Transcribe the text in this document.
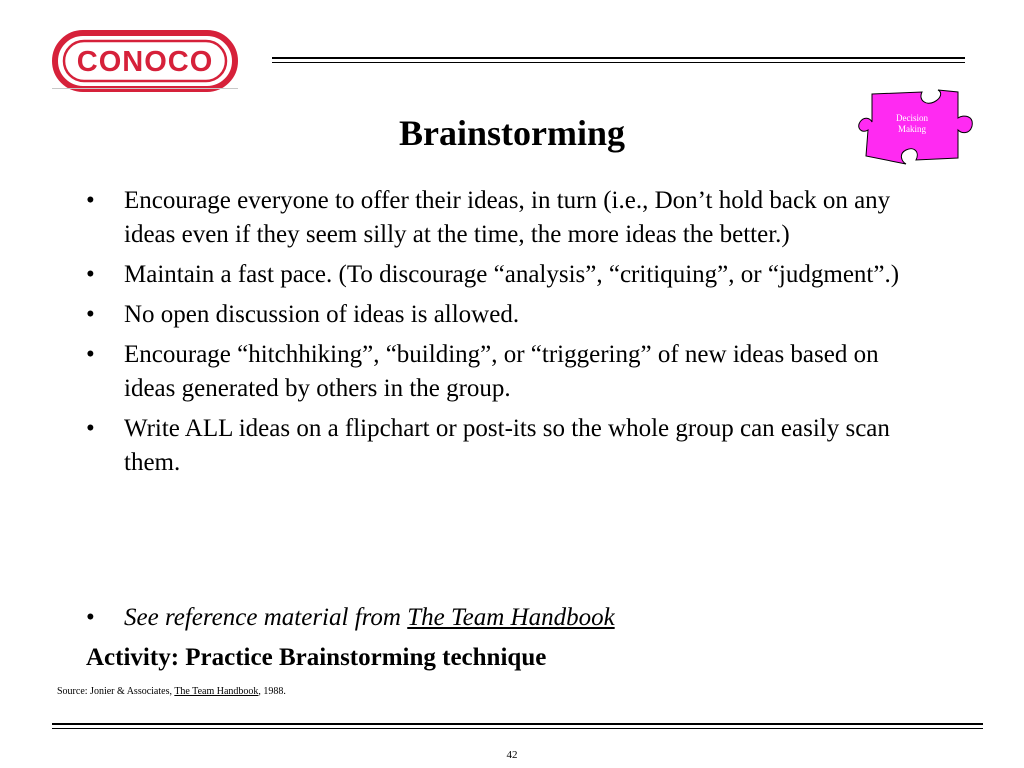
CONOCO
Decision
Making
Brainstorming
• Encourage everyone to offer their ideas, in turn (i.e., Don’t hold back on any ideas even if they seem silly at the time, the more ideas the better.)
• Maintain a fast pace. (To discourage “analysis”, “critiquing”, or “judgment”.)
• No open discussion of ideas is allowed.
• Encourage “hitchhiking”, “building”, or “triggering” of new ideas based on ideas generated by others in the group.
• Write ALL ideas on a flipchart or post-its so the whole group can easily scan them.
• See reference material from The Team Handbook
Activity: Practice Brainstorming technique
Source: Jonier & Associates, The Team Handbook, 1988.
42
